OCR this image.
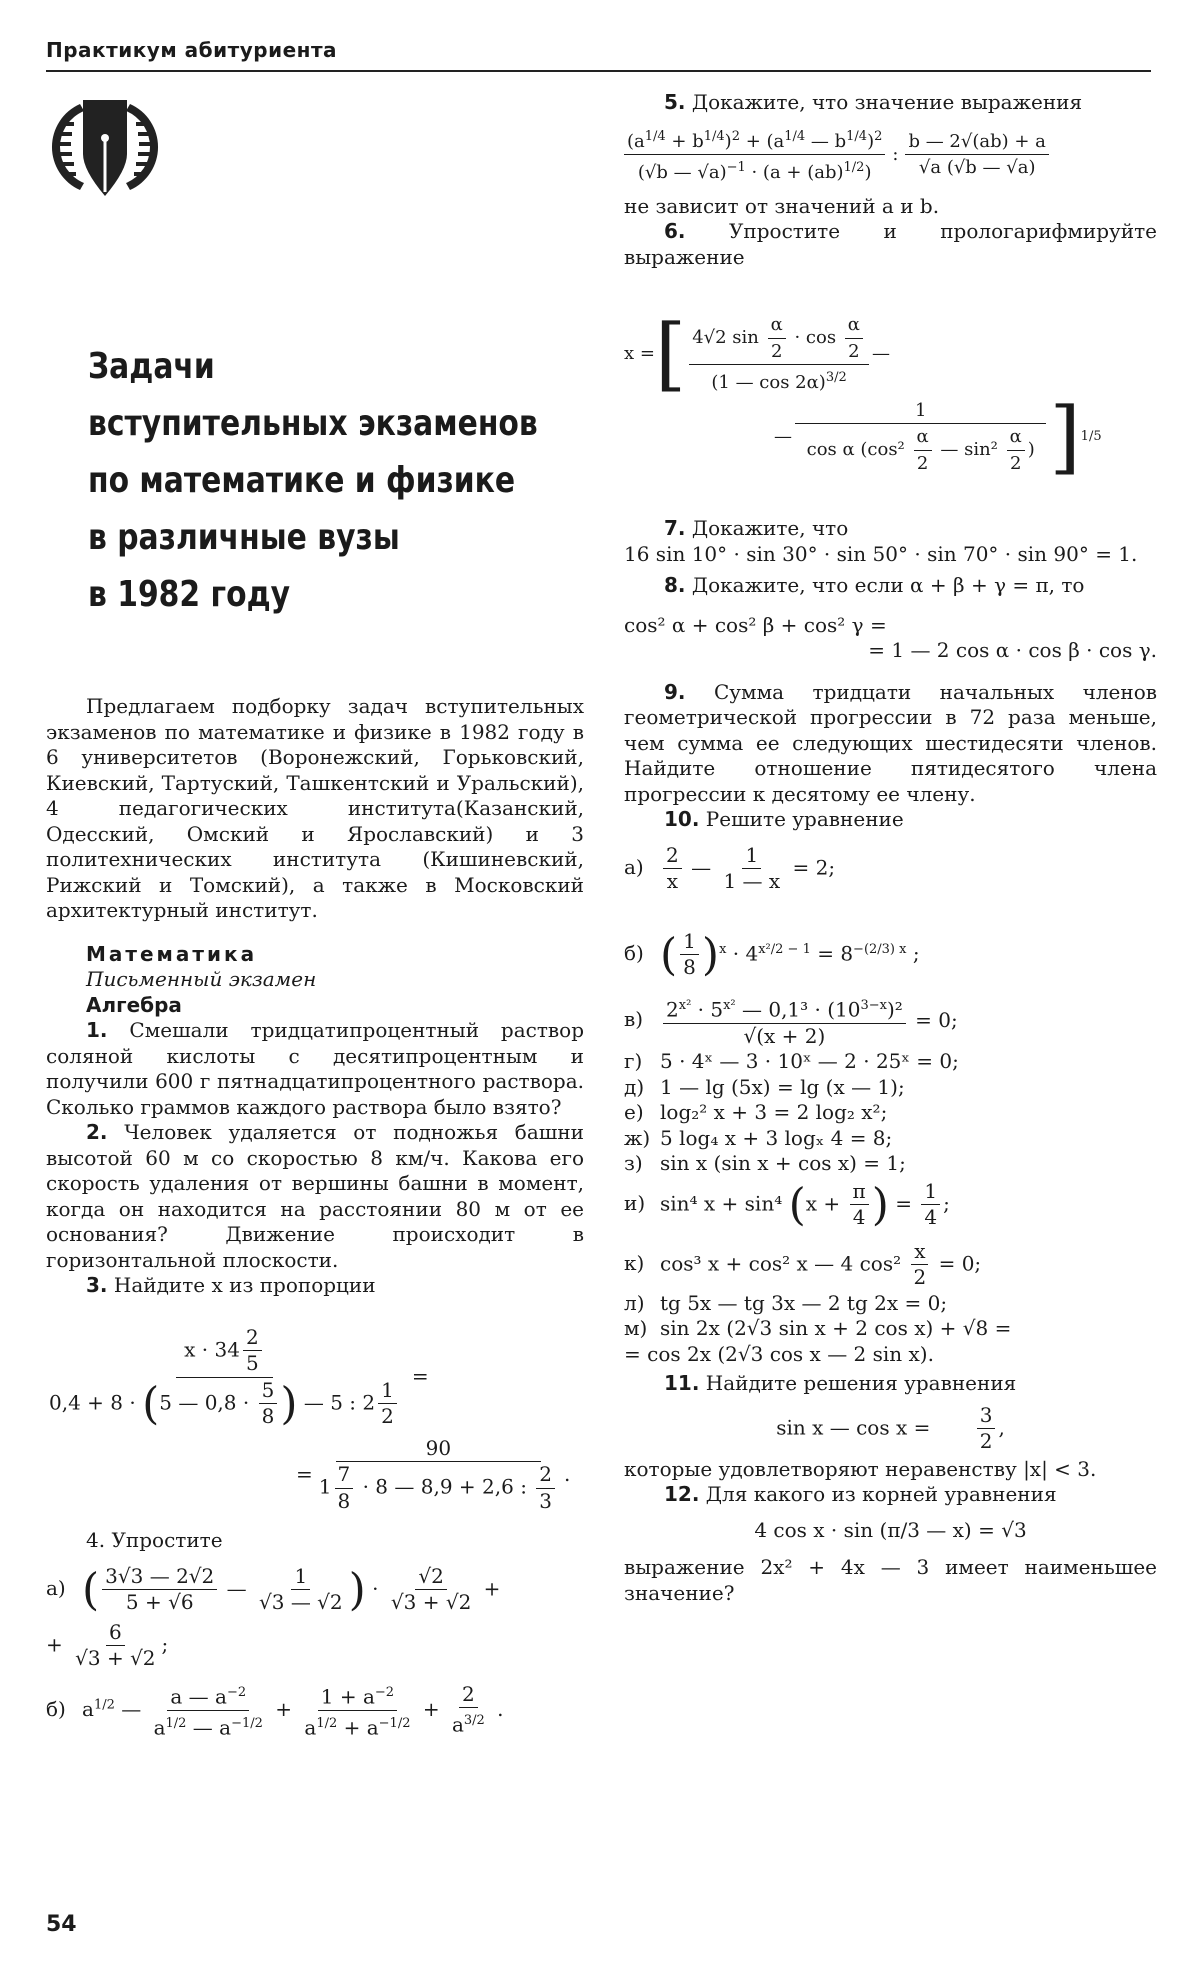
Практикум абитуриента
Задачи
вступительных экзаменов
по математике и физике
в различные вузы
в 1982 году

Предлагаем подборку задач вступительных экзаменов по математике и физике в 1982 году в 6 университетов (Воронежский, Горьковский, Киевский, Тартуский, Ташкентский и Уральский), 4 педагогических института(Казанский, Одесский, Омский и Ярославский) и 3 политехнических института (Кишиневский, Рижский и Томский), а также в Московский архитектурный институт.

Математика

Письменный экзамен

Алгебра

1. Смешали тридцатипроцентный раствор соляной кислоты с десятипроцентным и получили 600 г пятнадцатипроцентного раствора. Сколько граммов каждого раствора было взято?

2. Человек удаляется от подножья башни высотой 60 м со скоростью 8 км/ч. Какова его скорость удаления от вершины башни в момент, когда он находится на расстоянии 80 м от ее основания? Движение происходит в горизонтальной плоскости.

3. Найдите x из пропорции

$\frac{x \cdot 34 \frac{2}{5}}{0,4 + 8 \cdot (5 — 0,8 \cdot \frac{5}{8} ) — 5 : 2 \frac{1}{2}}$ =
= $\frac{90}{1 \frac{7}{8} \cdot 8 — 8,9 + 2,6 : \frac{2}{3}}$ .

4. Упростите

а) ( $\frac{3√3 — 2√2}{5 + √6}$ — $\frac{1}{√3 — √2}$ ) · $\frac{√2}{√3 + √2}$ +
+ $\frac{6}{√3 + √2}$ ;
б) $a^{1/2}$ — $\frac{a — a^{-2}}{a^{1/2} — a^{-1/2}} + \frac{1 + a^{-2}}{a^{1/2} + a^{-1/2}} + \frac{2}{a^{3/2}}$ .

5. Докажите, что значение выражения

$\frac{(a^{1/4} + b^{1/4})^2 + (a^{1/4} — b^{1/4})^2}{(√b — √a)^{-1} \cdot (a + (ab)^{1/2})}$ : $\frac{b — 2√(ab) + a}{√a (√b — √a)}$

не зависит от значений a и b.

6. Упростите и прологарифмируйте выражение

x = [ $\frac{4√2 \sin \frac{\alpha}{2} \cdot \cos \frac{\alpha}{2}}{(1 — \cos 2\alpha)^{3/2}}$ —
— $\frac{1}{\cos \alpha (\cos^2 \frac{\alpha}{2} — \sin^2 \frac{\alpha}{2} )}$ ] 1/5

7. Докажите, что

16 sin 10° · sin 30° · sin 50° · sin 70° · sin 90° = 1.

8. Докажите, что если α + β + γ = π, то

cos² α + cos² β + cos² γ =

= 1 — 2 cos α · cos β · cos γ.

9. Сумма тридцати начальных членов геометрической прогрессии в 72 раза меньше, чем сумма ее следующих шестидесяти членов. Найдите отношение пятидесятого члена прогрессии к десятому ее члену.

10. Решите уравнение

$а) \frac{2}{x}$ — $\frac{1}{1 — x} = 2$;
б) ( $\frac{1}{8} )^x \cdot 4^{x^2/2 - 1} = 8^{-(2/3) x}$ ;
$в) \frac{2^{x^2} \cdot 5^{x^2} — 0,1^3 \cdot (10^{3-x})^2}{√(x + 2)} = 0$;

г) 5 · 4ˣ — 3 · 10ˣ — 2 · 25ˣ = 0;

д) 1 — lg (5x) = lg (x — 1);

е) log₂² x + 3 = 2 log₂ x²;

ж) 5 log₄ x + 3 logₓ 4 = 8;

з) sin x (sin x + cos x) = 1;

и) sin⁴ x + sin⁴ ($x + \frac{\pi}{4}$ ) = $\frac{1}{4}$ ;
к) cos³ x + cos² x — 4 $\cos^2 \frac{x}{2} = 0$;

л) tg 5x — tg 3x — 2 tg 2x = 0;

м) sin 2x (2√3 sin x + 2 cos x) + √8 =

= cos 2x (2√3 cos x — 2 sin x).

11. Найдите решения уравнения

sin x — $\cos x = \frac{3}{2}$ ,

которые удовлетворяют неравенству |x| < 3.

12. Для какого из корней уравнения

4 cos x · sin (π/3 — x) = √3

выражение 2x² + 4x — 3 имеет наименьшее значение?

54
